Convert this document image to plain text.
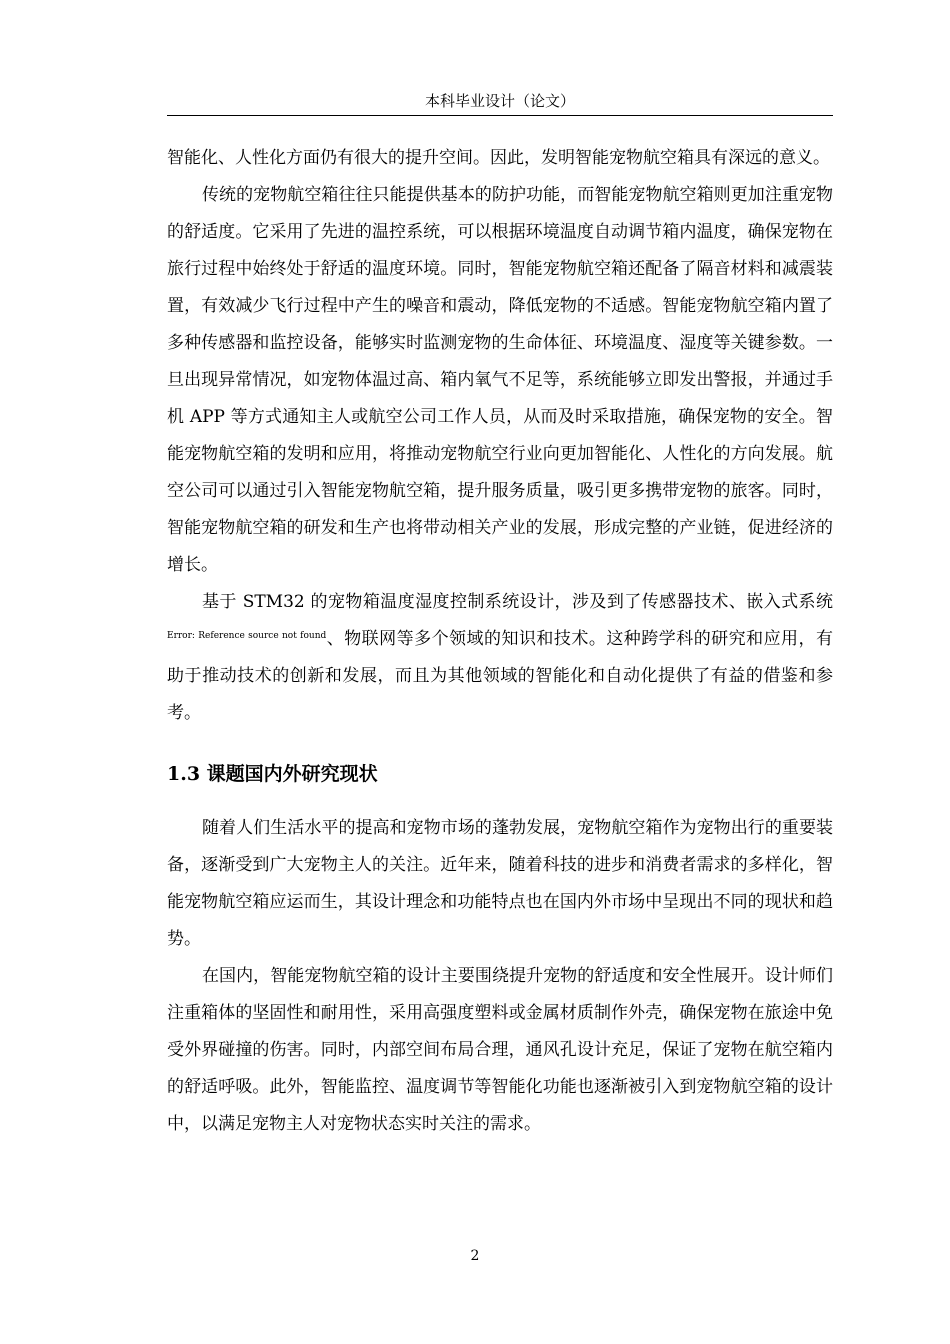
本科毕业设计（论文）

智能化、人性化方面仍有很大的提升空间。因此，发明智能宠物航空箱具有深远的意义。

传统的宠物航空箱往往只能提供基本的防护功能，而智能宠物航空箱则更加注重宠物的舒适度。它采用了先进的温控系统，可以根据环境温度自动调节箱内温度，确保宠物在旅行过程中始终处于舒适的温度环境。同时，智能宠物航空箱还配备了隔音材料和减震装置，有效减少飞行过程中产生的噪音和震动，降低宠物的不适感。智能宠物航空箱内置了多种传感器和监控设备，能够实时监测宠物的生命体征、环境温度、湿度等关键参数。一旦出现异常情况，如宠物体温过高、箱内氧气不足等，系统能够立即发出警报，并通过手机 APP 等方式通知主人或航空公司工作人员，从而及时采取措施，确保宠物的安全。智能宠物航空箱的发明和应用，将推动宠物航空行业向更加智能化、人性化的方向发展。航空公司可以通过引入智能宠物航空箱，提升服务质量，吸引更多携带宠物的旅客。同时，智能宠物航空箱的研发和生产也将带动相关产业的发展，形成完整的产业链，促进经济的增长。

基于 STM32 的宠物箱温度湿度控制系统设计，涉及到了传感器技术、嵌入式系统$^{Error: Reference source not found}$、物联网等多个领域的知识和技术。这种跨学科的研究和应用，有助于推动技术的创新和发展，而且为其他领域的智能化和自动化提供了有益的借鉴和参考。

1.3 课题国内外研究现状

随着人们生活水平的提高和宠物市场的蓬勃发展，宠物航空箱作为宠物出行的重要装备，逐渐受到广大宠物主人的关注。近年来，随着科技的进步和消费者需求的多样化，智能宠物航空箱应运而生，其设计理念和功能特点也在国内外市场中呈现出不同的现状和趋势。

在国内，智能宠物航空箱的设计主要围绕提升宠物的舒适度和安全性展开。设计师们注重箱体的坚固性和耐用性，采用高强度塑料或金属材质制作外壳，确保宠物在旅途中免受外界碰撞的伤害。同时，内部空间布局合理，通风孔设计充足，保证了宠物在航空箱内的舒适呼吸。此外，智能监控、温度调节等智能化功能也逐渐被引入到宠物航空箱的设计中，以满足宠物主人对宠物状态实时关注的需求。

2
